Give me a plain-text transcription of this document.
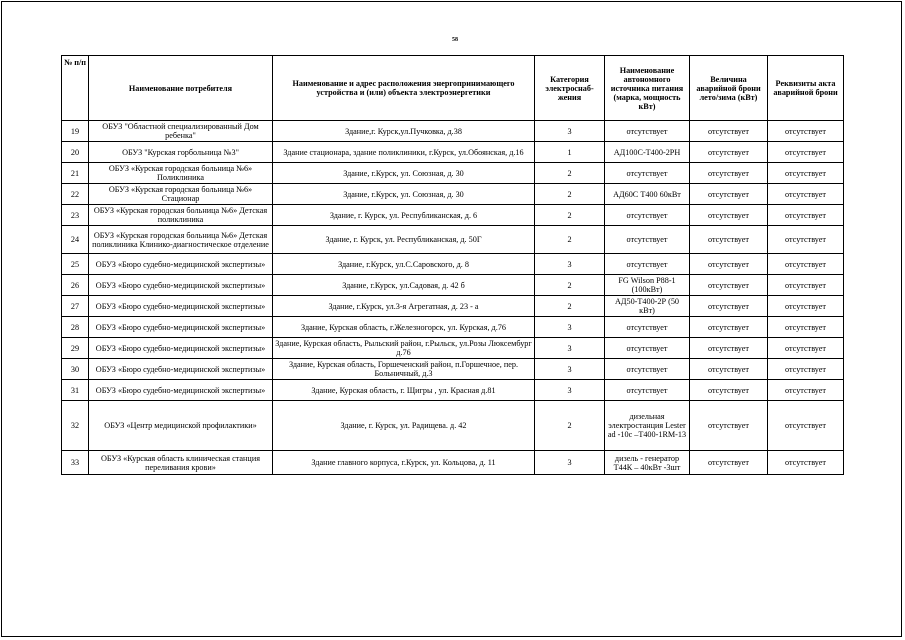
58
№ п/п	Наименование потребителя	Наименование и адрес расположения энергопринимающего устройства и (или) объекта электроэнергетики	Категория электроснаб-жения	Наименование автономного источника питания (марка, мощность кВт)	Величина аварийной брони лето/зима (кВт)	Реквизиты акта аварийной брони
19	ОБУЗ "Областной специализированный Дом ребенка"	Здание,г. Курск,ул.Пучковка, д.38	3	отсутствует	отсутствует	отсутствует
20	ОБУЗ "Курская горбольница №3"	Здание стационара, здание поликлиники, г.Курск, ул.Обоянская, д.16	1	АД100С-Т400-2РН	отсутствует	отсутствует
21	ОБУЗ «Курская городская больница №6» Поликлиника	Здание, г.Курск, ул. Союзная, д. 30	2	отсутствует	отсутствует	отсутствует
22	ОБУЗ «Курская городская больница №6» Стационар	Здание, г.Курск, ул. Союзная, д. 30	2	АД60С Т400 60кВт	отсутствует	отсутствует
23	ОБУЗ «Курская городская больница №6» Детская поликлиника	Здание, г. Курск, ул. Республиканская, д. 6	2	отсутствует	отсутствует	отсутствует
24	ОБУЗ «Курская городская больница №6» Детская поликлиника Клинико-диагностическое отделение	Здание, г. Курск, ул. Республиканская, д. 50Г	2	отсутствует	отсутствует	отсутствует
25	ОБУЗ «Бюро судебно-медицинской экспертизы»	Здание, г.Курск, ул.С.Саровского, д. 8	3	отсутствует	отсутствует	отсутствует
26	ОБУЗ «Бюро судебно-медицинской экспертизы»	Здание, г.Курск, ул.Садовая, д. 42 б	2	FG Wilson P88-1 (100кВт)	отсутствует	отсутствует
27	ОБУЗ «Бюро судебно-медицинской экспертизы»	Здание, г.Курск, ул.3-я Агрегатная, д. 23 - а	2	АД50-Т400-2Р (50 кВт)	отсутствует	отсутствует
28	ОБУЗ «Бюро судебно-медицинской экспертизы»	Здание, Курская область, г.Железногорск, ул. Курская, д.76	3	отсутствует	отсутствует	отсутствует
29	ОБУЗ «Бюро судебно-медицинской экспертизы»	Здание, Курская область, Рыльский район, г.Рыльск, ул.Розы Люксембург д.76	3	отсутствует	отсутствует	отсутствует
30	ОБУЗ «Бюро судебно-медицинской экспертизы»	Здание, Курская область, Горшеченский район, п.Горшечное, пер. Больничный, д.3	3	отсутствует	отсутствует	отсутствует
31	ОБУЗ «Бюро судебно-медицинской экспертизы»	Здание, Курская область, г. Щигры , ул. Красная д.81	3	отсутствует	отсутствует	отсутствует
32	ОБУЗ «Центр медицинской профилактики»	Здание, г. Курск, ул. Радищева. д. 42	2	дизельная электростанция Lester ad -10с –Т400-1RM-13	отсутствует	отсутствует
33	ОБУЗ «Курская область клиническая станция переливания крови»	Здание главного корпуса, г.Курск, ул. Кольцова, д. 11	3	дизель - генератор Т44К – 40кВт -3шт	отсутствует	отсутствует
